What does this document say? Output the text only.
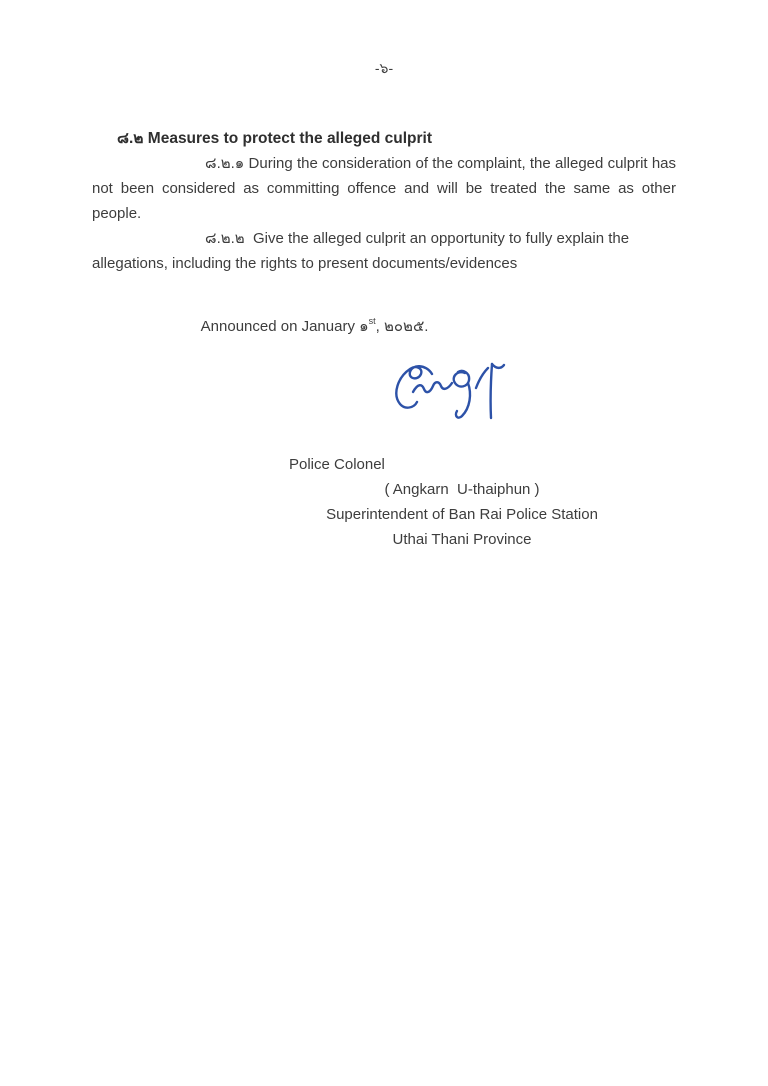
-๖-
๘.๒ Measures to protect the alleged culprit
๘.๒.๑ During the consideration of the complaint, the alleged culprit has
not been considered as committing offence and will be treated the same as other
people.
๘.๒.๒  Give the alleged culprit an opportunity to fully explain the
allegations, including the rights to present documents/evidences

Announced on January ๑$^{st}$, ๒๐๒๕.

Police Colonel
( Angkarn  U-thaiphun )
Superintendent of Ban Rai Police Station
Uthai Thani Province
